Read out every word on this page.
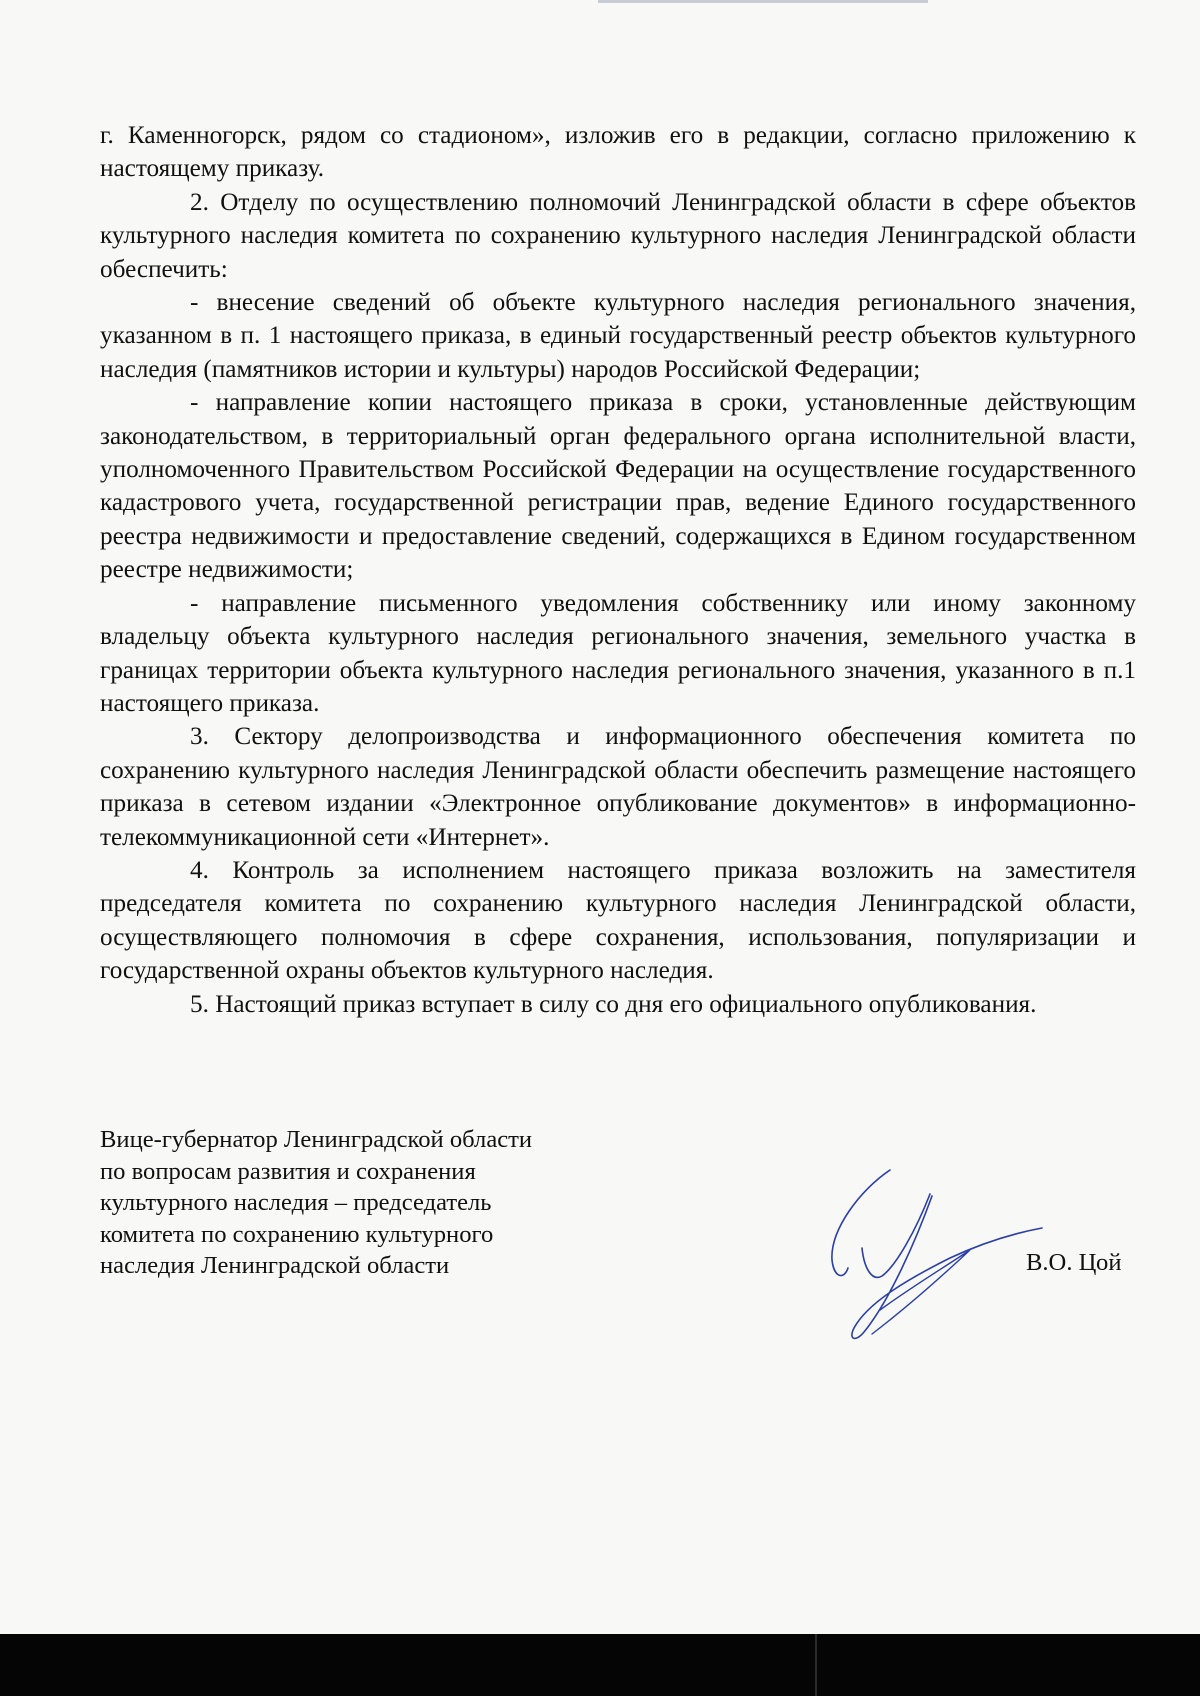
г. Каменногорск, рядом со стадионом», изложив его в редакции, согласно приложению к настоящему приказу.

2. Отделу по осуществлению полномочий Ленинградской области в сфере объектов культурного наследия комитета по сохранению культурного наследия Ленинградской области обеспечить:

- внесение сведений об объекте культурного наследия регионального значения, указанном в п. 1 настоящего приказа, в единый государственный реестр объектов культурного наследия (памятников истории и культуры) народов Российской Федерации;

- направление копии настоящего приказа в сроки, установленные действующим законодательством, в территориальный орган федерального органа исполнительной власти, уполномоченного Правительством Российской Федерации на осуществление государственного кадастрового учета, государственной регистрации прав, ведение Единого государственного реестра недвижимости и предоставление сведений, содержащихся в Едином государственном реестре недвижимости;

- направление письменного уведомления собственнику или иному законному владельцу объекта культурного наследия регионального значения, земельного участка в границах территории объекта культурного наследия регионального значения, указанного в п.1 настоящего приказа.

3. Сектору делопроизводства и информационного обеспечения комитета по сохранению культурного наследия Ленинградской области обеспечить размещение настоящего приказа в сетевом издании «Электронное опубликование документов» в информационно-телекоммуникационной сети «Интернет».

4. Контроль за исполнением настоящего приказа возложить на заместителя председателя комитета по сохранению культурного наследия Ленинградской области, осуществляющего полномочия в сфере сохранения, использования, популяризации и государственной охраны объектов культурного наследия.

5. Настоящий приказ вступает в силу со дня его официального опубликования.

Вице-губернатор Ленинградской области
по вопросам развития и сохранения
культурного наследия – председатель
комитета по сохранению культурного
наследия Ленинградской области	В.О. Цой
